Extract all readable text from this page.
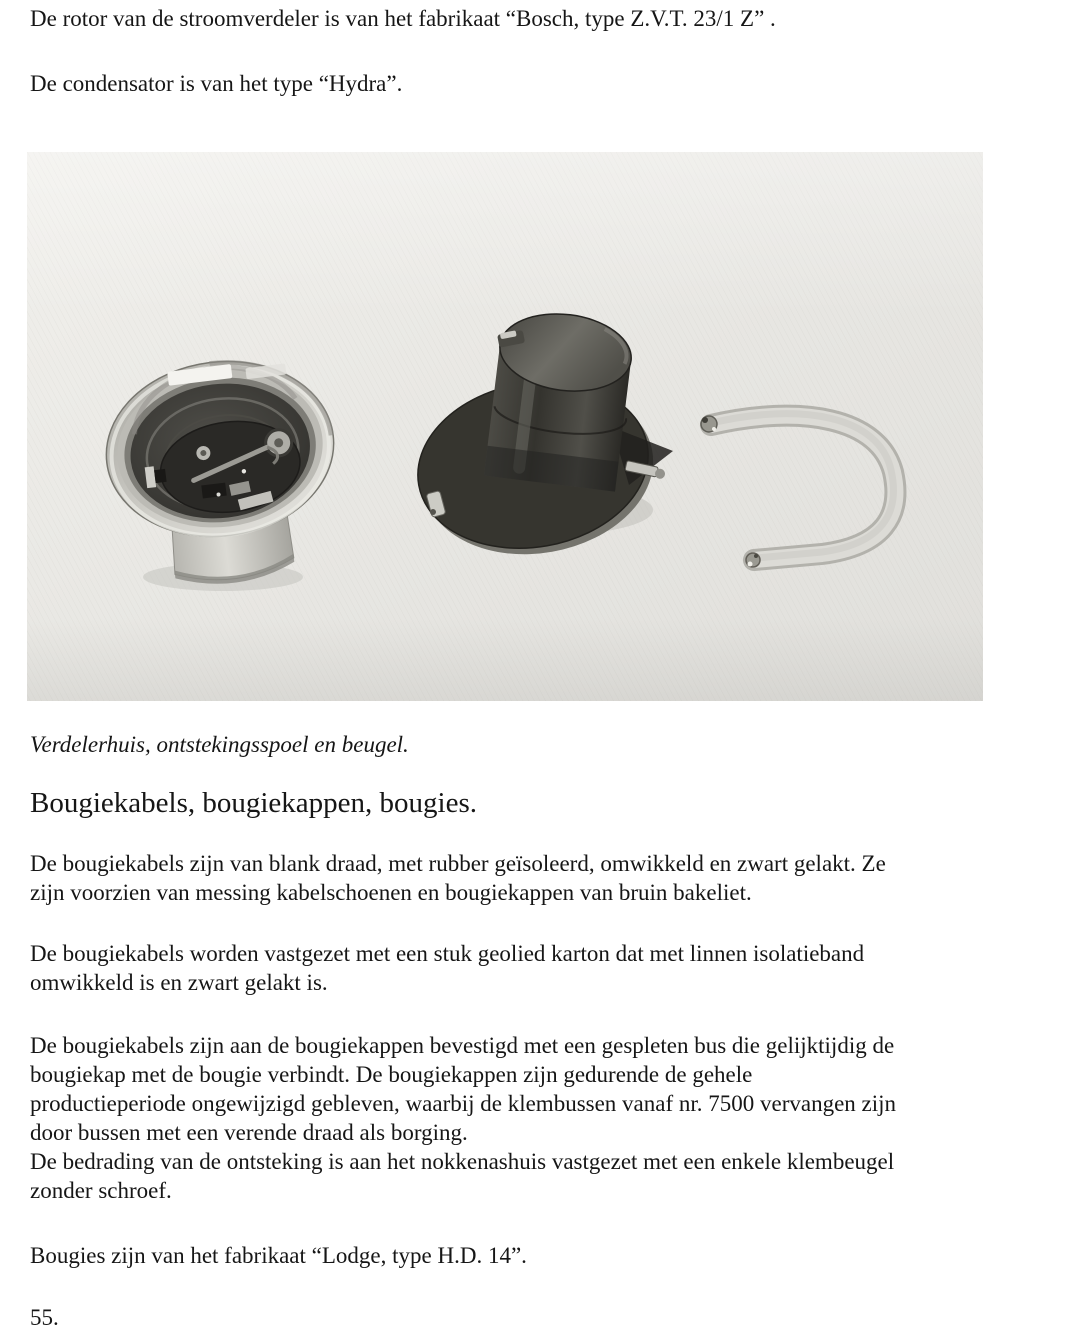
De rotor van de stroomverdeler is van het fabrikaat “Bosch, type Z.V.T. 23/1 Z” .

De condensator is van het type “Hydra”.

Verdelerhuis, ontstekingsspoel en beugel.

Bougiekabels, bougiekappen, bougies.

De bougiekabels zijn van blank draad, met rubber geïsoleerd, omwikkeld en zwart gelakt. Ze
zijn voorzien van messing kabelschoenen en bougiekappen van bruin bakeliet.

De bougiekabels worden vastgezet met een stuk geolied karton dat met linnen isolatieband
omwikkeld is en zwart gelakt is.

De bougiekabels zijn aan de bougiekappen bevestigd met een gespleten bus die gelijktijdig de
bougiekap met de bougie verbindt. De bougiekappen zijn gedurende de gehele
productieperiode ongewijzigd gebleven, waarbij de klembussen vanaf nr. 7500 vervangen zijn
door bussen met een verende draad als borging.
De bedrading van de ontsteking is aan het nokkenashuis vastgezet met een enkele klembeugel
zonder schroef.

Bougies zijn van het fabrikaat “Lodge, type H.D. 14”.

55.
